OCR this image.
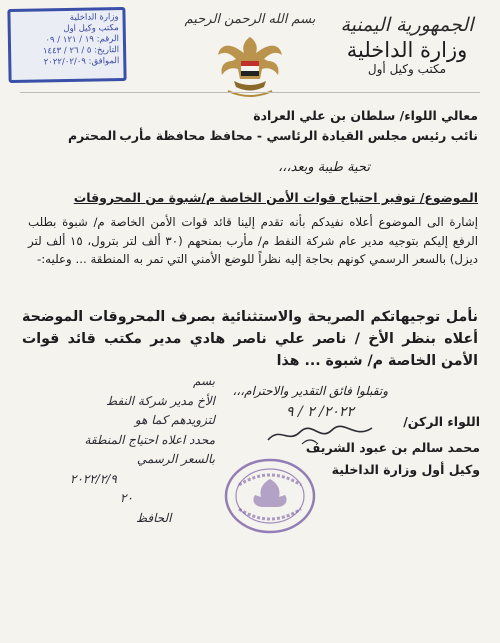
وزارة الداخلية
مكتب وكيل أول
الرقم: ١٩ / ١٢١ / ٠٩
التاريخ: ٥ / ٢٦ / ١٤٤٣
الموافق: ٢٠٢٢/٠٢/٠٩
بسم الله الرحمن الرحيم	الجمهورية اليمنية
وزارة الداخلية
مكتب وكيل أول
معالي اللواء/ سلطان بن علي العرادة
نائب رئيس مجلس القيادة الرئاسي - محافظ محافظة مأرب
المحترم
تحية طيبة وبعد،،،
الموضوع/ توفير احتياج قوات الأمن الخاصة م/شبوة من المحروقات
إشارة الى الموضوع أعلاه نفيدكم بأنه تقدم إلينا قائد قوات الأمن الخاصة م/ شبوة بطلب الرفع إليكم بتوجيه مدير عام شركة النفط م/ مأرب بمنحهم (٣٠ ألف لتر بترول، ١٥ ألف لتر ديزل) بالسعر الرسمي كونهم بحاجة إليه نظراً للوضع الأمني التي تمر به المنطقة ... وعليه:-
نأمل توجيهاتكم الصريحة والاستثنائية بصرف المحروقات الموضحة أعلاه بنظر الأخ / ناصر علي ناصر هادي مدير مكتب قائد قوات الأمن الخاصة م/ شبوة ... هذا
وتقبلوا فائق التقدير والاحترام،،،
اللواء الركن/
٢٠٢٢/ ٢ / ٩
محمد سالم بن عبود الشريف
وكيل أول وزارة الداخلية
بسم
الأخ مدير شركة النفط
لتزويدهم كما هو
محدد اعلاه احتياج المنطقة
بالسعر الرسمي
٢٠٢٢/٢/٩
٢٠
الحافظ
